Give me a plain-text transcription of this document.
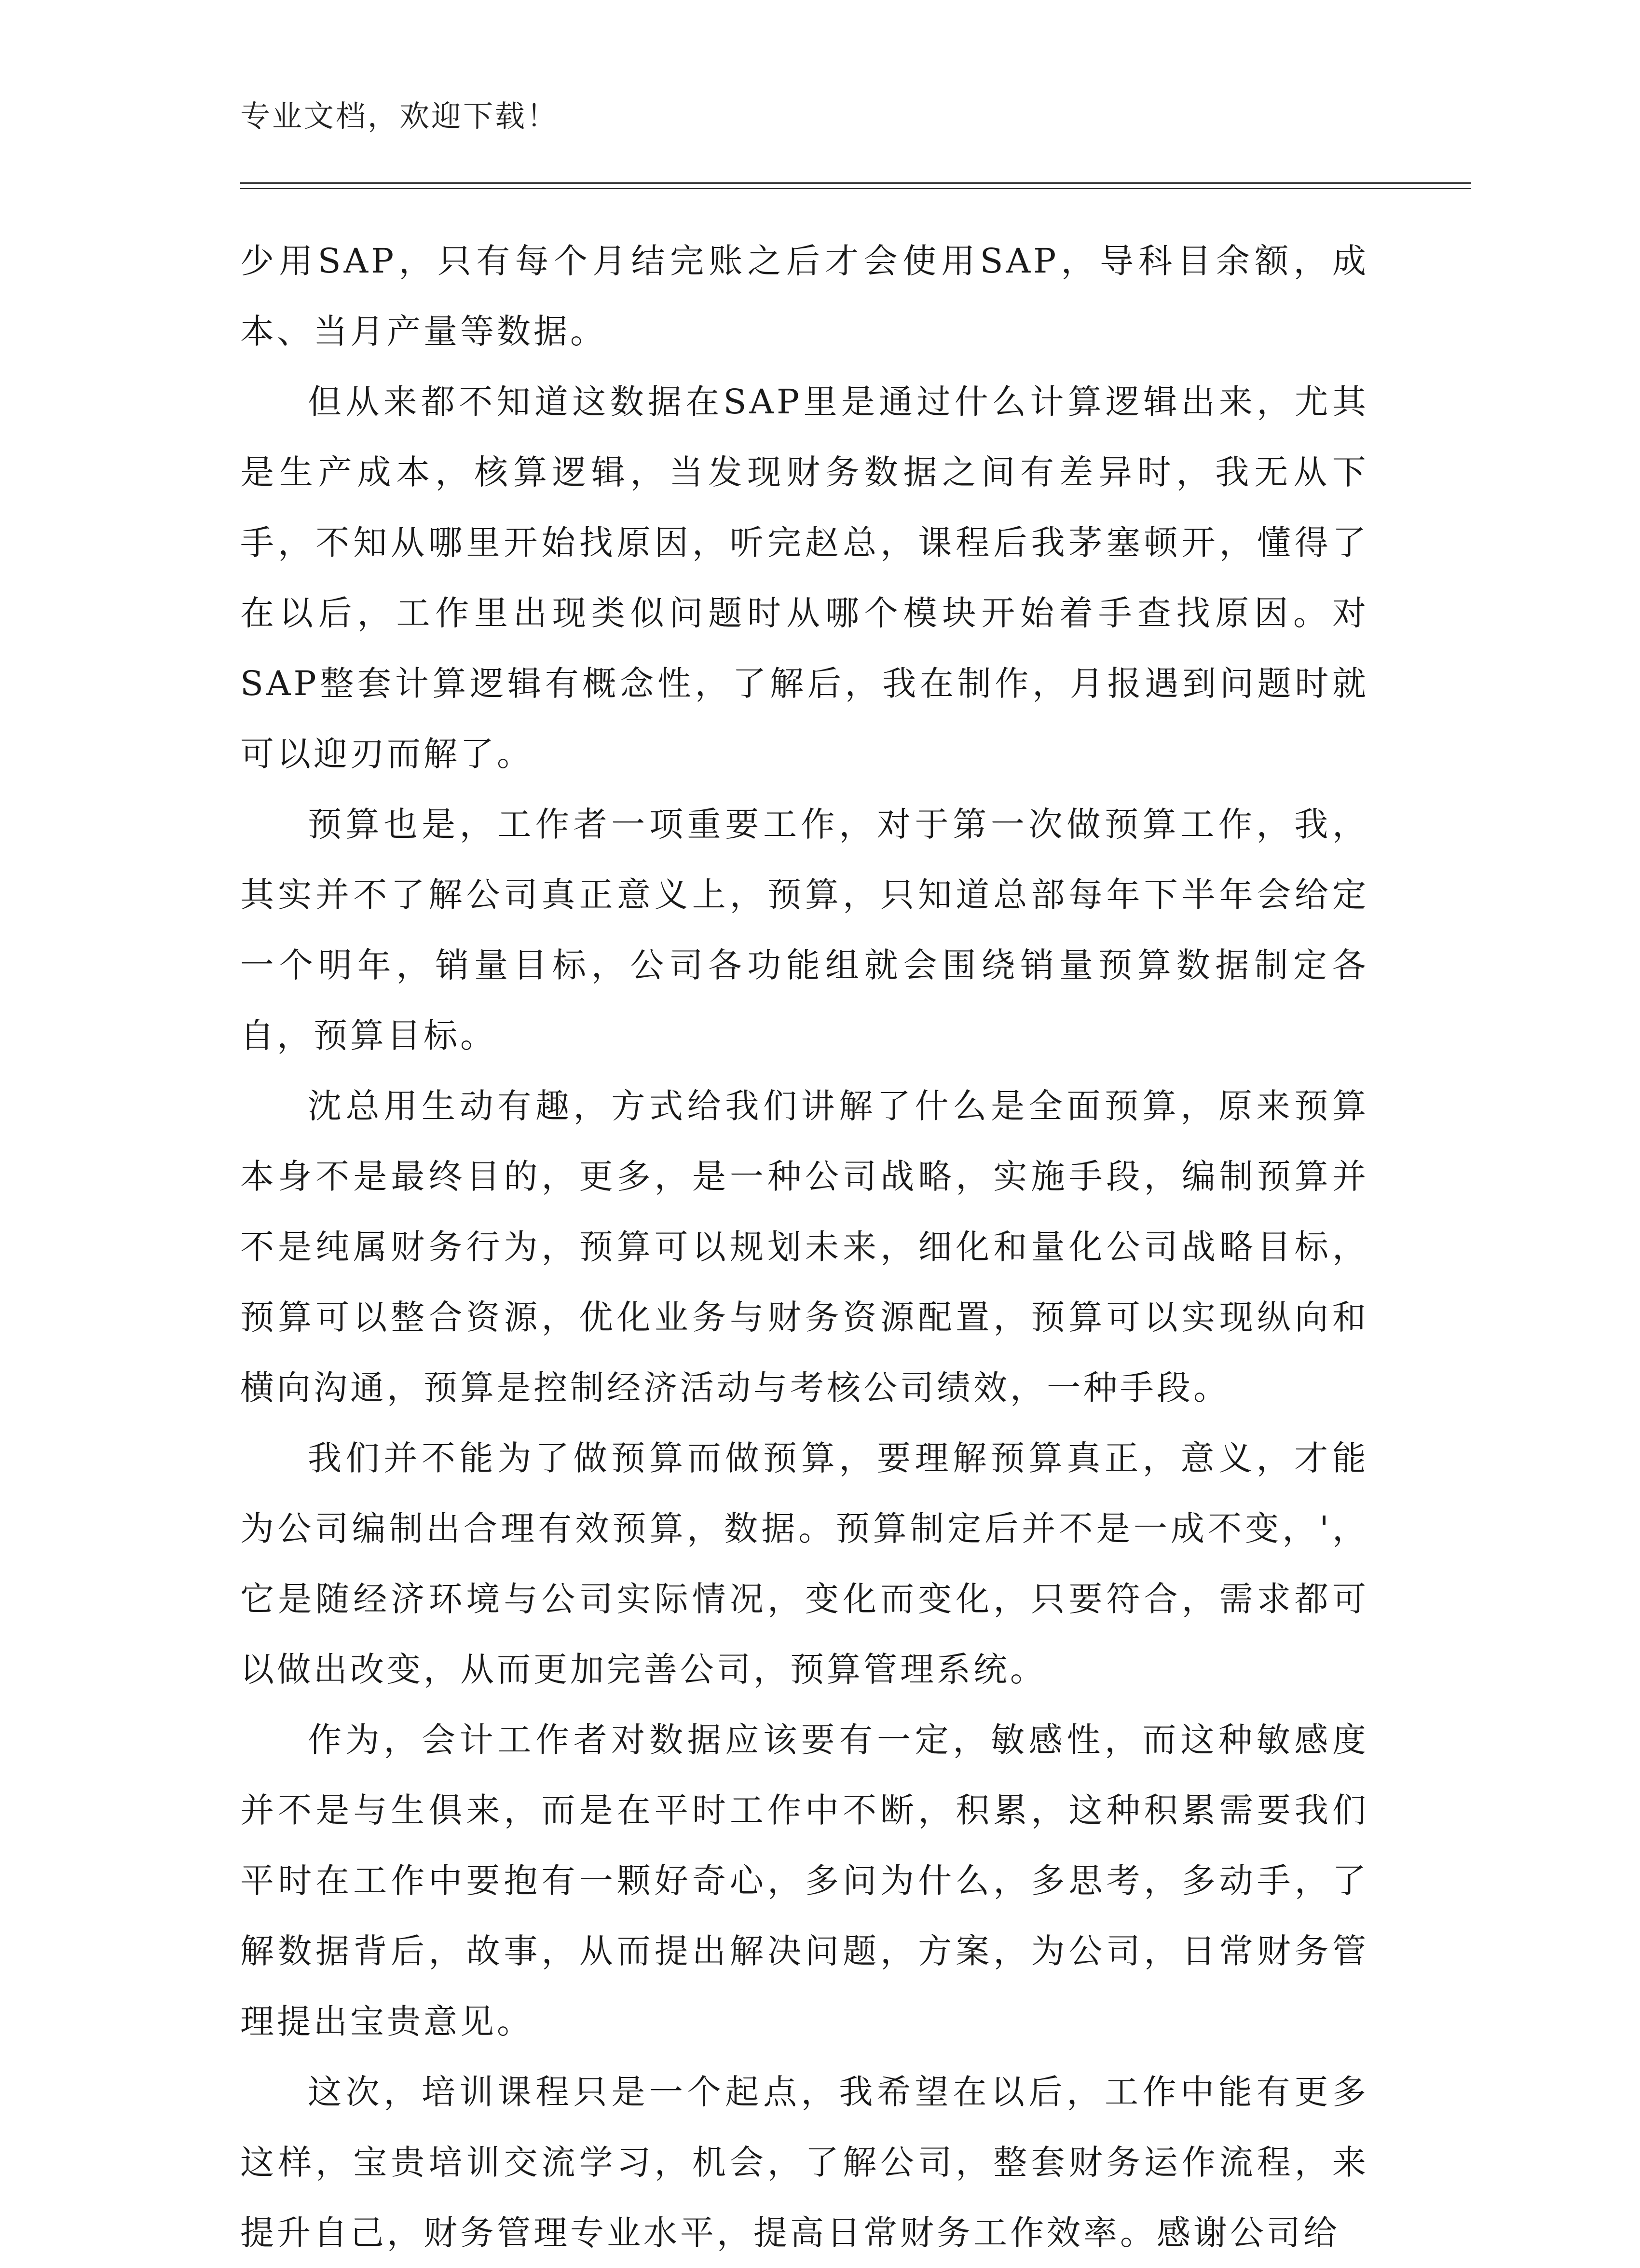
专业文档，欢迎下载！

少用SAP，只有每个月结完账之后才会使用SAP，导科目余额，成本、当月产量等数据。

但从来都不知道这数据在SAP里是通过什么计算逻辑出来，尤其是生产成本，核算逻辑，当发现财务数据之间有差异时，我无从下手，不知从哪里开始找原因，听完赵总，课程后我茅塞顿开，懂得了在以后，工作里出现类似问题时从哪个模块开始着手查找原因。对SAP整套计算逻辑有概念性，了解后，我在制作，月报遇到问题时就可以迎刃而解了。

预算也是，工作者一项重要工作，对于第一次做预算工作，我，其实并不了解公司真正意义上，预算，只知道总部每年下半年会给定一个明年，销量目标，公司各功能组就会围绕销量预算数据制定各自，预算目标。

沈总用生动有趣，方式给我们讲解了什么是全面预算，原来预算本身不是最终目的，更多，是一种公司战略，实施手段，编制预算并不是纯属财务行为，预算可以规划未来，细化和量化公司战略目标，预算可以整合资源，优化业务与财务资源配置，预算可以实现纵向和横向沟通，预算是控制经济活动与考核公司绩效，一种手段。

我们并不能为了做预算而做预算，要理解预算真正，意义，才能为公司编制出合理有效预算，数据。预算制定后并不是一成不变，'，它是随经济环境与公司实际情况，变化而变化，只要符合，需求都可以做出改变，从而更加完善公司，预算管理系统。

作为，会计工作者对数据应该要有一定，敏感性，而这种敏感度并不是与生俱来，而是在平时工作中不断，积累，这种积累需要我们平时在工作中要抱有一颗好奇心，多问为什么，多思考，多动手，了解数据背后，故事，从而提出解决问题，方案，为公司，日常财务管理提出宝贵意见。

这次，培训课程只是一个起点，我希望在以后，工作中能有更多这样，宝贵培训交流学习，机会，了解公司，整套财务运作流程，来提升自己，财务管理专业水平，提高日常财务工作效率。感谢公司给
